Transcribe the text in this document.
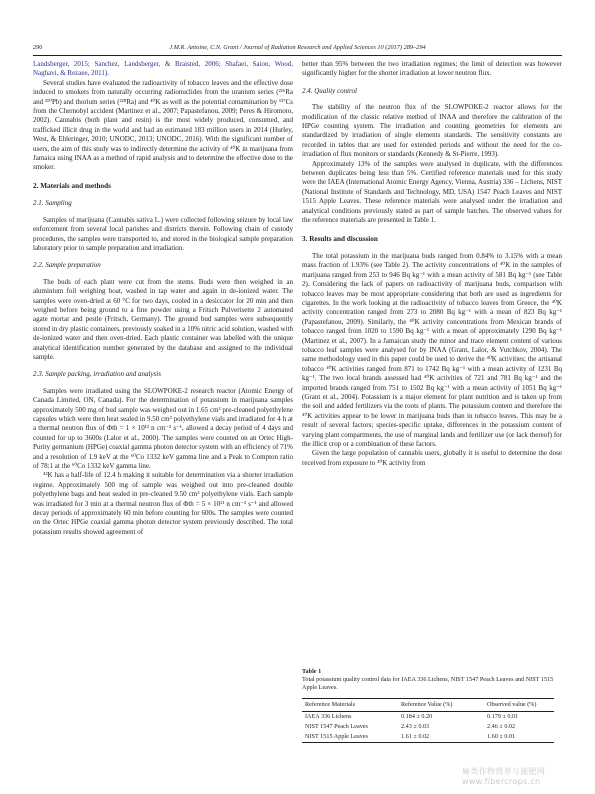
290	J.M.R. Antoine, C.N. Grant / Journal of Radiation Research and Applied Sciences 10 (2017) 289–294

Landsberger, 2015; Sanchez, Landsberger, & Braisted, 2006; Shafaei, Saion, Wood, Naghavi, & Rezaee, 2011).

Several studies have evaluated the radioactivity of tobacco leaves and the effective dose induced to smokers from naturally occurring radionuclides from the uranium series (²²⁶Ra and ²¹⁰Pb) and thorium series (²²⁸Ra) and ⁴⁰K as well as the potential contamination by ¹³⁷Cs from the Chernobyl accident (Martinez et al., 2007; Papastefanou, 2009; Peres & Hiromoto, 2002). Cannabis (both plant and resin) is the most widely produced, consumed, and trafficked illicit drug in the world and had an estimated 183 million users in 2014 (Hurley, West, & Ehleringer, 2010; UNODC, 2013; UNODC, 2016). With the significant number of users, the aim of this study was to indirectly determine the activity of ⁴⁰K in marijuana from Jamaica using INAA as a method of rapid analysis and to determine the effective dose to the smoker.

2. Materials and methods
2.1. Sampling

Samples of marijuana (Cannabis sativa L.) were collected following seizure by local law enforcement from several local parishes and districts therein. Following chain of custody procedures, the samples were transported to, and stored in the biological sample preparation laboratory prior to sample preparation and irradiation.

2.2. Sample preparation

The buds of each plant were cut from the stems. Buds were then weighed in an aluminium foil weighing boat, washed in tap water and again in de-ionized water. The samples were oven-dried at 60 °C for two days, cooled in a desiccator for 20 min and then weighed before being ground to a fine powder using a Fritsch Pulverisette 2 automated agate mortar and pestle (Fritsch, Germany). The ground bud samples were subsequently stored in dry plastic containers, previously soaked in a 10% nitric acid solution, washed with de-ionized water and then oven-dried. Each plastic container was labelled with the unique analytical identification number generated by the database and assigned to the individual sample.

2.3. Sample packing, irradiation and analysis

Samples were irradiated using the SLOWPOKE-2 research reactor (Atomic Energy of Canada Limited, ON, Canada). For the determination of potassium in marijuana samples approximately 500 mg of bud sample was weighed out in 1.65 cm³ pre-cleaned polyethylene capsules which were then heat sealed in 9.50 cm³ polyethylene vials and irradiated for 4 h at a thermal neutron flux of Φth = 1 × 10¹² n cm⁻² s⁻¹, allowed a decay period of 4 days and counted for up to 3600s (Lalor et al., 2000). The samples were counted on an Ortec High-Purity germanium (HPGe) coaxial gamma photon detector system with an efficiency of 71% and a resolution of 1.9 keV at the ⁶⁰Co 1332 keV gamma line and a Peak to Compton ratio of 78:1 at the ⁶⁰Co 1332 keV gamma line.

⁴²K has a half-life of 12.4 h making it suitable for determination via a shorter irradiation regime. Approximately 500 mg of sample was weighed out into pre-cleaned double polyethylene bags and heat sealed in pre-cleaned 9.50 cm³ polyethylene vials. Each sample was irradiated for 3 min at a thermal neutron flux of Φth = 5 × 10¹¹ n cm⁻² s⁻¹ and allowed decay periods of approximately 60 min before counting for 600s. The samples were counted on the Ortec HPGe coaxial gamma photon detector system previously described. The total potassium results showed agreement of

better than 95% between the two irradiation regimes; the limit of detection was however significantly higher for the shorter irradiation at lower neutron flux.

2.4. Quality control

The stability of the neutron flux of the SLOWPOKE-2 reactor allows for the modification of the classic relative method of INAA and therefore the calibration of the HPGe counting system. The irradiation and counting geometries for elements are standardized by irradiation of single elements standards. The sensitivity constants are recorded in tables that are used for extended periods and without the need for the co-irradiation of flux monitors or standards (Kennedy & St-Pierre, 1993).

Approximately 13% of the samples were analysed in duplicate, with the differences between duplicates being less than 5%. Certified reference materials used for this study were the IAEA (International Atomic Energy Agency, Vienna, Austria) 336 – Lichens, NIST (National Institute of Standards and Technology, MD, USA) 1547 Peach Leaves and NIST 1515 Apple Leaves. These reference materials were analysed under the irradiation and analytical conditions previously stated as part of sample batches. The observed values for the reference materials are presented in Table 1.

3. Results and discussion

The total potassium in the marijuana buds ranged from 0.84% to 3.15% with a mean mass fraction of 1.93% (see Table 2). The activity concentrations of ⁴⁰K in the samples of marijuana ranged from 253 to 946 Bq kg⁻¹ with a mean activity of 581 Bq kg⁻¹ (see Table 2). Considering the lack of papers on radioactivity of marijuana buds, comparison with tobacco leaves may be most appropriate considering that both are used as ingredients for cigarettes. In the work looking at the radioactivity of tobacco leaves from Greece, the ⁴⁰K activity concentration ranged from 273 to 2080 Bq kg⁻¹ with a mean of 823 Bq kg⁻¹ (Papastefanou, 2009). Similarly, the ⁴⁰K activity concentrations from Mexican brands of tobacco ranged from 1020 to 1590 Bq kg⁻¹ with a mean of approximately 1290 Bq kg⁻¹ (Martinez et al., 2007). In a Jamaican study the minor and trace element content of various tobacco leaf samples were analysed for by INAA (Grant, Lalor, & Vutchkov, 2004). The same methodology used in this paper could be used to derive the ⁴⁰K activities; the artisanal tobacco ⁴⁰K activities ranged from 871 to 1742 Bq kg⁻¹ with a mean activity of 1231 Bq kg⁻¹. The two local brands assessed had ⁴⁰K activities of 721 and 781 Bq kg⁻¹ and the imported brands ranged from 751 to 1502 Bq kg⁻¹ with a mean activity of 1051 Bq kg⁻¹ (Grant et al., 2004). Potassium is a major element for plant nutrition and is taken up from the soil and added fertilizers via the roots of plants. The potassium content and therefore the ⁴⁰K activities appear to be lower in marijuana buds than in tobacco leaves. This may be a result of several factors; species-specific uptake, differences in the potassium content of varying plant compartments, the use of marginal lands and fertilizer use (or lack thereof) for the illicit crop or a combination of these factors.

Given the large population of cannabis users, globally it is useful to determine the dose received from exposure to ⁴⁰K activity from

Table 1
Total potassium quality control data for IAEA 336 Lichens, NIST 1547 Peach Leaves and NIST 1515 Apple Leaves.
Reference Materials	Reference Value (%)	Observed value (%)
IAEA 336 Lichens	0.184 ± 0.20	0.179 ± 0.01
NIST 1547 Peach Leaves	2.43 ± 0.03	2.46 ± 0.02
NIST 1515 Apple Leaves	1.61 ± 0.02	1.60 ± 0.01
麻类作物营养与施肥网 www.fibercrops.cn
